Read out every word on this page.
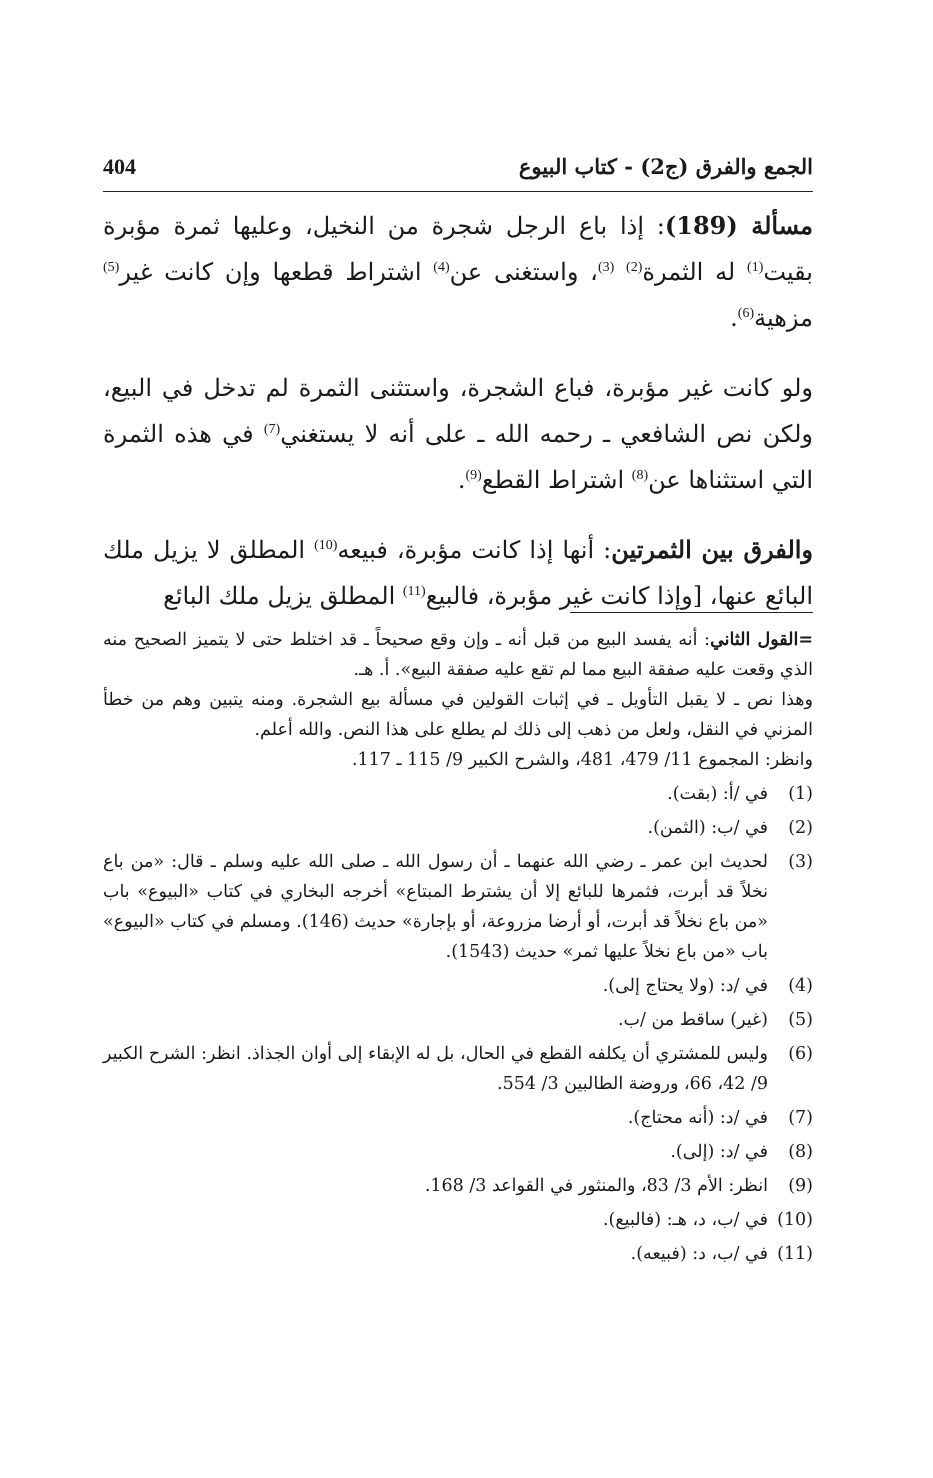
404	الجمع والفرق (ج2) - كتاب البيوع

مسألة (189): إذا باع الرجل شجرة من النخيل، وعليها ثمرة مؤبرة بقيت$^{(1)}$ له الثمرة$^{(2)}$ $^{(3)}$، واستغنى عن$^{(4)}$ اشتراط قطعها وإن كانت غير$^{(5)}$ مزهية$^{(6)}$.

ولو كانت غير مؤبرة، فباع الشجرة، واستثنى الثمرة لم تدخل في البيع، ولكن نص الشافعي ـ رحمه الله ـ على أنه لا يستغني$^{(7)}$ في هذه الثمرة التي استثناها عن$^{(8)}$ اشتراط القطع$^{(9)}$.

والفرق بين الثمرتين: أنها إذا كانت مؤبرة، فبيعه$^{(10)}$ المطلق لا يزيل ملك البائع عنها، [وإذا كانت غير مؤبرة، فالبيع$^{(11)}$ المطلق يزيل ملك البائع

=القول الثاني: أنه يفسد البيع من قبل أنه ـ وإن وقع صحيحاً ـ قد اختلط حتى لا يتميز الصحيح منه الذي وقعت عليه صفقة البيع مما لم تقع عليه صفقة البيع». أ. هـ.

وهذا نص ـ لا يقبل التأويل ـ في إثبات القولين في مسألة بيع الشجرة. ومنه يتبين وهم من خطأ المزني في النقل، ولعل من ذهب إلى ذلك لم يطلع على هذا النص. والله أعلم.

وانظر: المجموع 11/ 479، 481، والشرح الكبير 9/ 115 ـ 117.

(1)
في /أ: (بقت).
(2)
في /ب: (الثمن).
(3)
لحديث ابن عمر ـ رضي الله عنهما ـ أن رسول الله ـ صلى الله عليه وسلم ـ قال: «من باع نخلاً قد أبرت، فثمرها للبائع إلا أن يشترط المبتاع» أخرجه البخاري في كتاب «البيوع» باب «من باع نخلاً قد أبرت، أو أرضا مزروعة، أو بإجارة» حديث (146). ومسلم في كتاب «البيوع» باب «من باع نخلاً عليها ثمر» حديث (1543).
(4)
في /د: (ولا يحتاج إلى).
(5)
(غير) ساقط من /ب.
(6)
وليس للمشتري أن يكلفه القطع في الحال، بل له الإبقاء إلى أوان الجذاذ. انظر: الشرح الكبير 9/ 42، 66، وروضة الطالبين 3/ 554.
(7)
في /د: (أنه محتاج).
(8)
في /د: (إلى).
(9)
انظر: الأم 3/ 83، والمنثور في القواعد 3/ 168.
(10)
في /ب، د، هـ: (فالبيع).
(11)
في /ب، د: (فبيعه).
